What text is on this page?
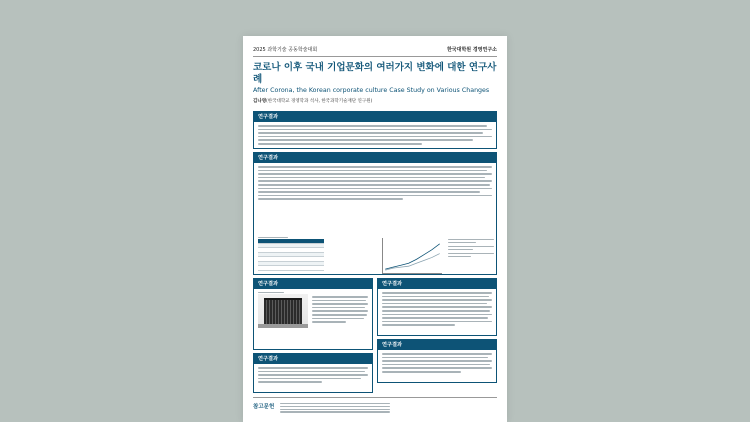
2025 과학기술 공동학술대회	한국대학원 경영연구소
코로나 이후 국내 기업문화의 여러가지 변화에 대한 연구사례
After Corona, the Korean corporate culture Case Study on Various Changes
김나영(한국대학교 경영학과 석사, 한국과학기술재단 연구원)
연구결과
연구결과
연구결과	연구결과
연구결과
연구결과
참고문헌
